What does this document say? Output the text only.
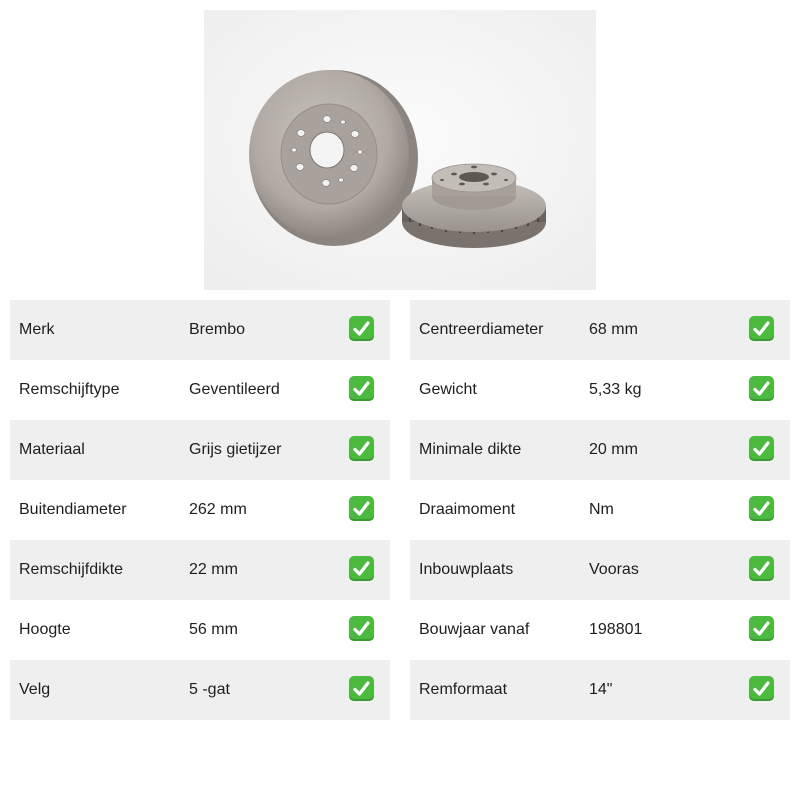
Merk	Brembo
Remschijftype	Geventileerd
Materiaal	Grijs gietijzer
Buitendiameter	262 mm
Remschijfdikte	22 mm
Hoogte	56 mm
Velg	5 -gat
Centreerdiameter	68 mm
Gewicht	5,33 kg
Minimale dikte	20 mm
Draaimoment	Nm
Inbouwplaats	Vooras
Bouwjaar vanaf	198801
Remformaat	14"
